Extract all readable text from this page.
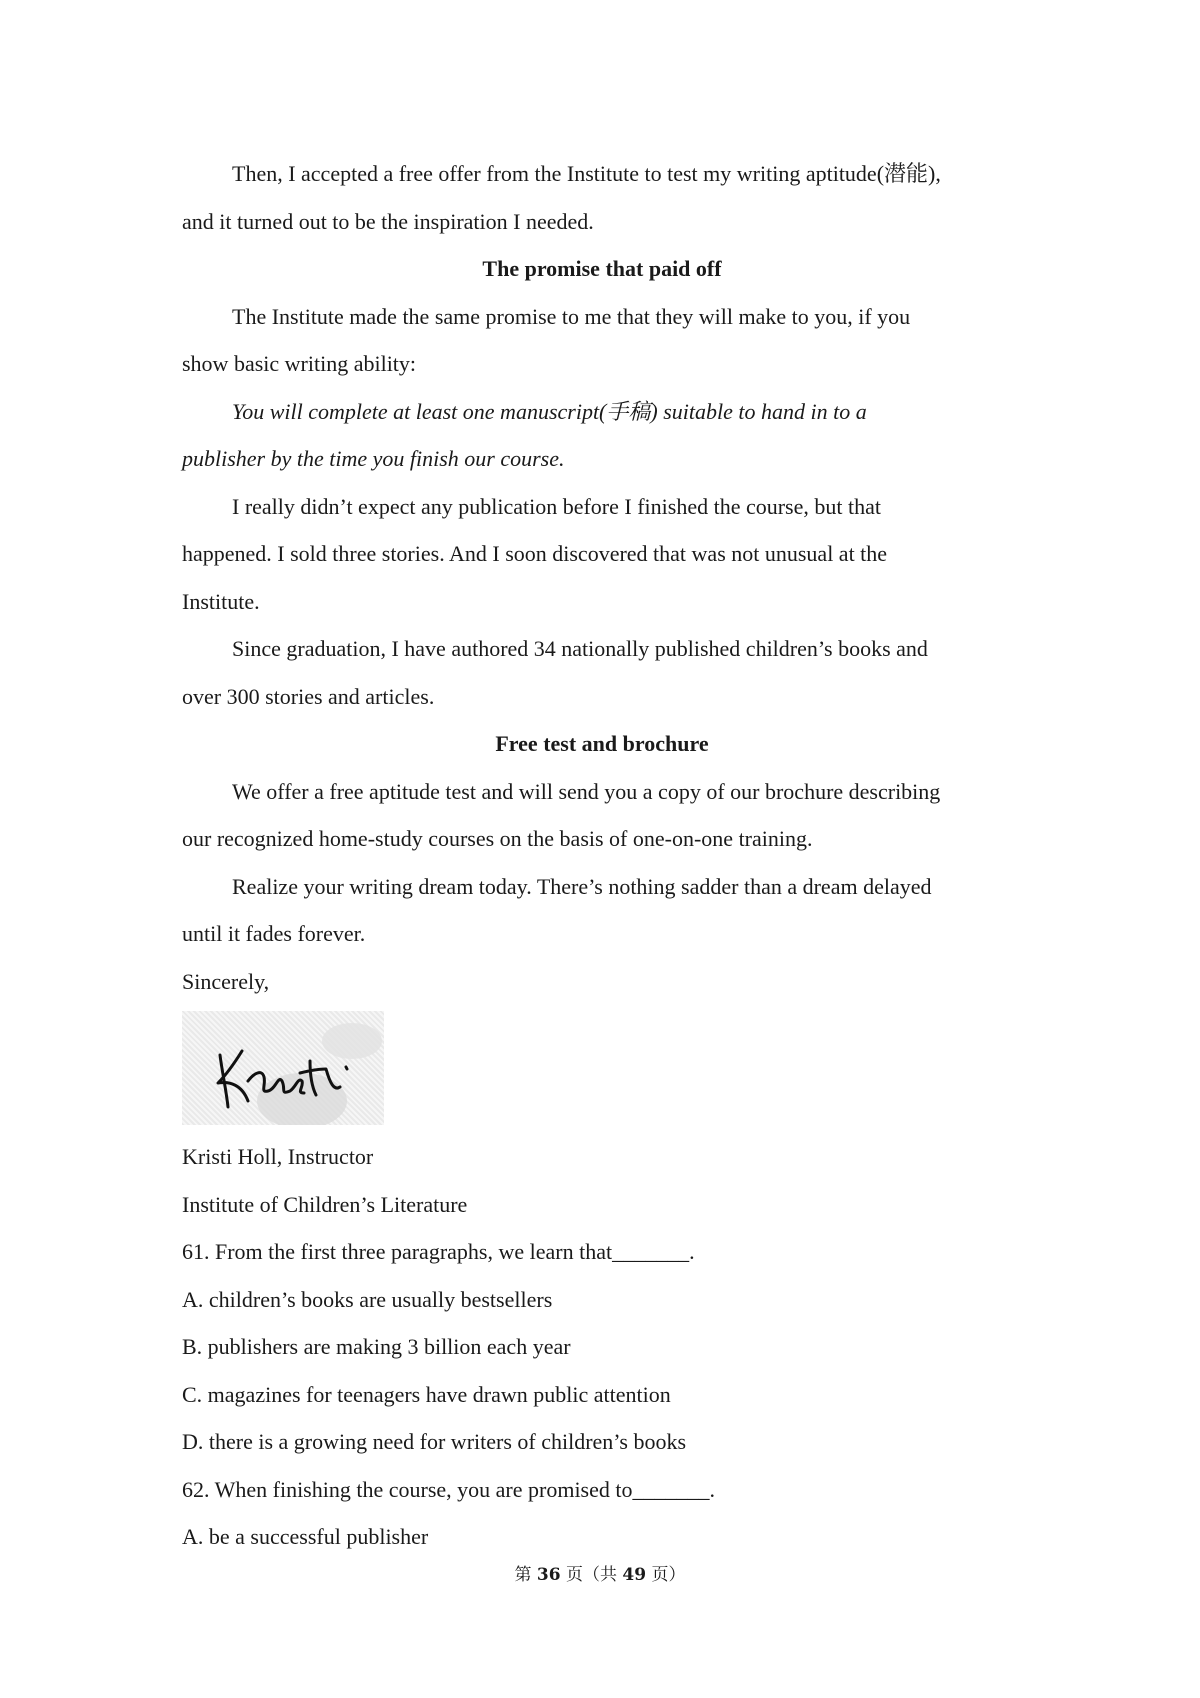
Then, I accepted a free offer from the Institute to test my writing aptitude(潜能),
and it turned out to be the inspiration I needed.
The promise that paid off
The Institute made the same promise to me that they will make to you, if you
show basic writing ability:
You will complete at least one manuscript(手稿) suitable to hand in to a
publisher by the time you finish our course.
I really didn’t expect any publication before I finished the course, but that
happened. I sold three stories. And I soon discovered that was not unusual at the
Institute.
Since graduation, I have authored 34 nationally published children’s books and
over 300 stories and articles.
Free test and brochure
We offer a free aptitude test and will send you a copy of our brochure describing
our recognized home-study courses on the basis of one-on-one training.
Realize your writing dream today. There’s nothing sadder than a dream delayed
until it fades forever.
Sincerely,
Kristi Holl, Instructor
Institute of Children’s Literature
61. From the first three paragraphs, we learn that_______.
A. children’s books are usually bestsellers
B. publishers are making 3 billion each year
C. magazines for teenagers have drawn public attention
D. there is a growing need for writers of children’s books
62. When finishing the course, you are promised to_______.
A. be a successful publisher
第 36 页（共 49 页）
